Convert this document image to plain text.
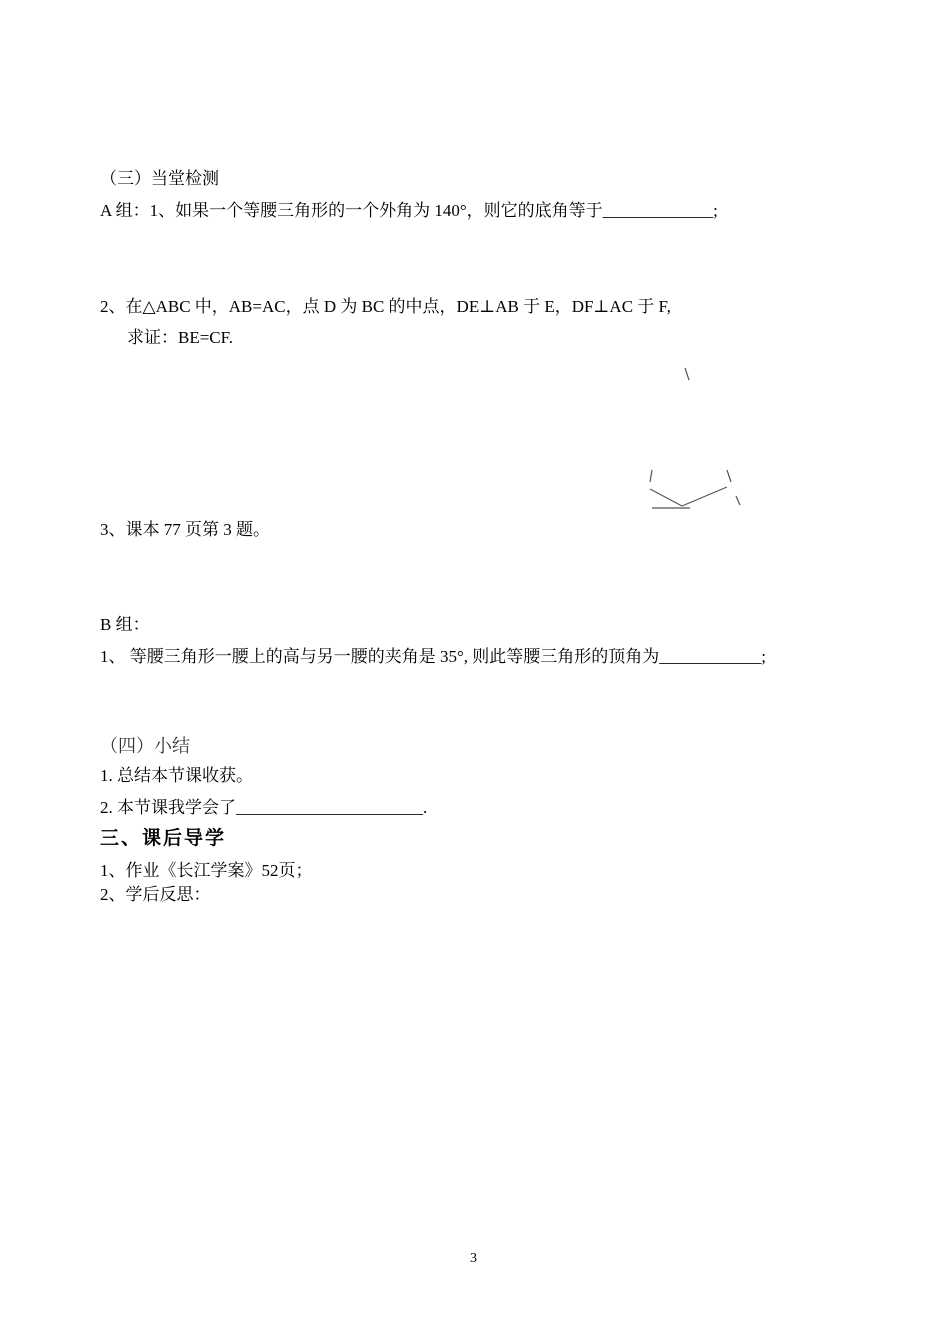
（三）当堂检测
A 组：1、如果一个等腰三角形的一个外角为 140°，则它的底角等于_____________;
2、在△ABC 中，AB=AC，点 D 为 BC 的中点，DE⊥AB 于 E，DF⊥AC 于 F,
求证：BE=CF.
3、课本 77 页第 3 题。
B 组：
1、 等腰三角形一腰上的高与另一腰的夹角是 35°, 则此等腰三角形的顶角为____________;
（四）小结
1. 总结本节课收获。
2. 本节课我学会了______________________.
三、课后导学
1、作业《长江学案》52页；
2、学后反思：
3
